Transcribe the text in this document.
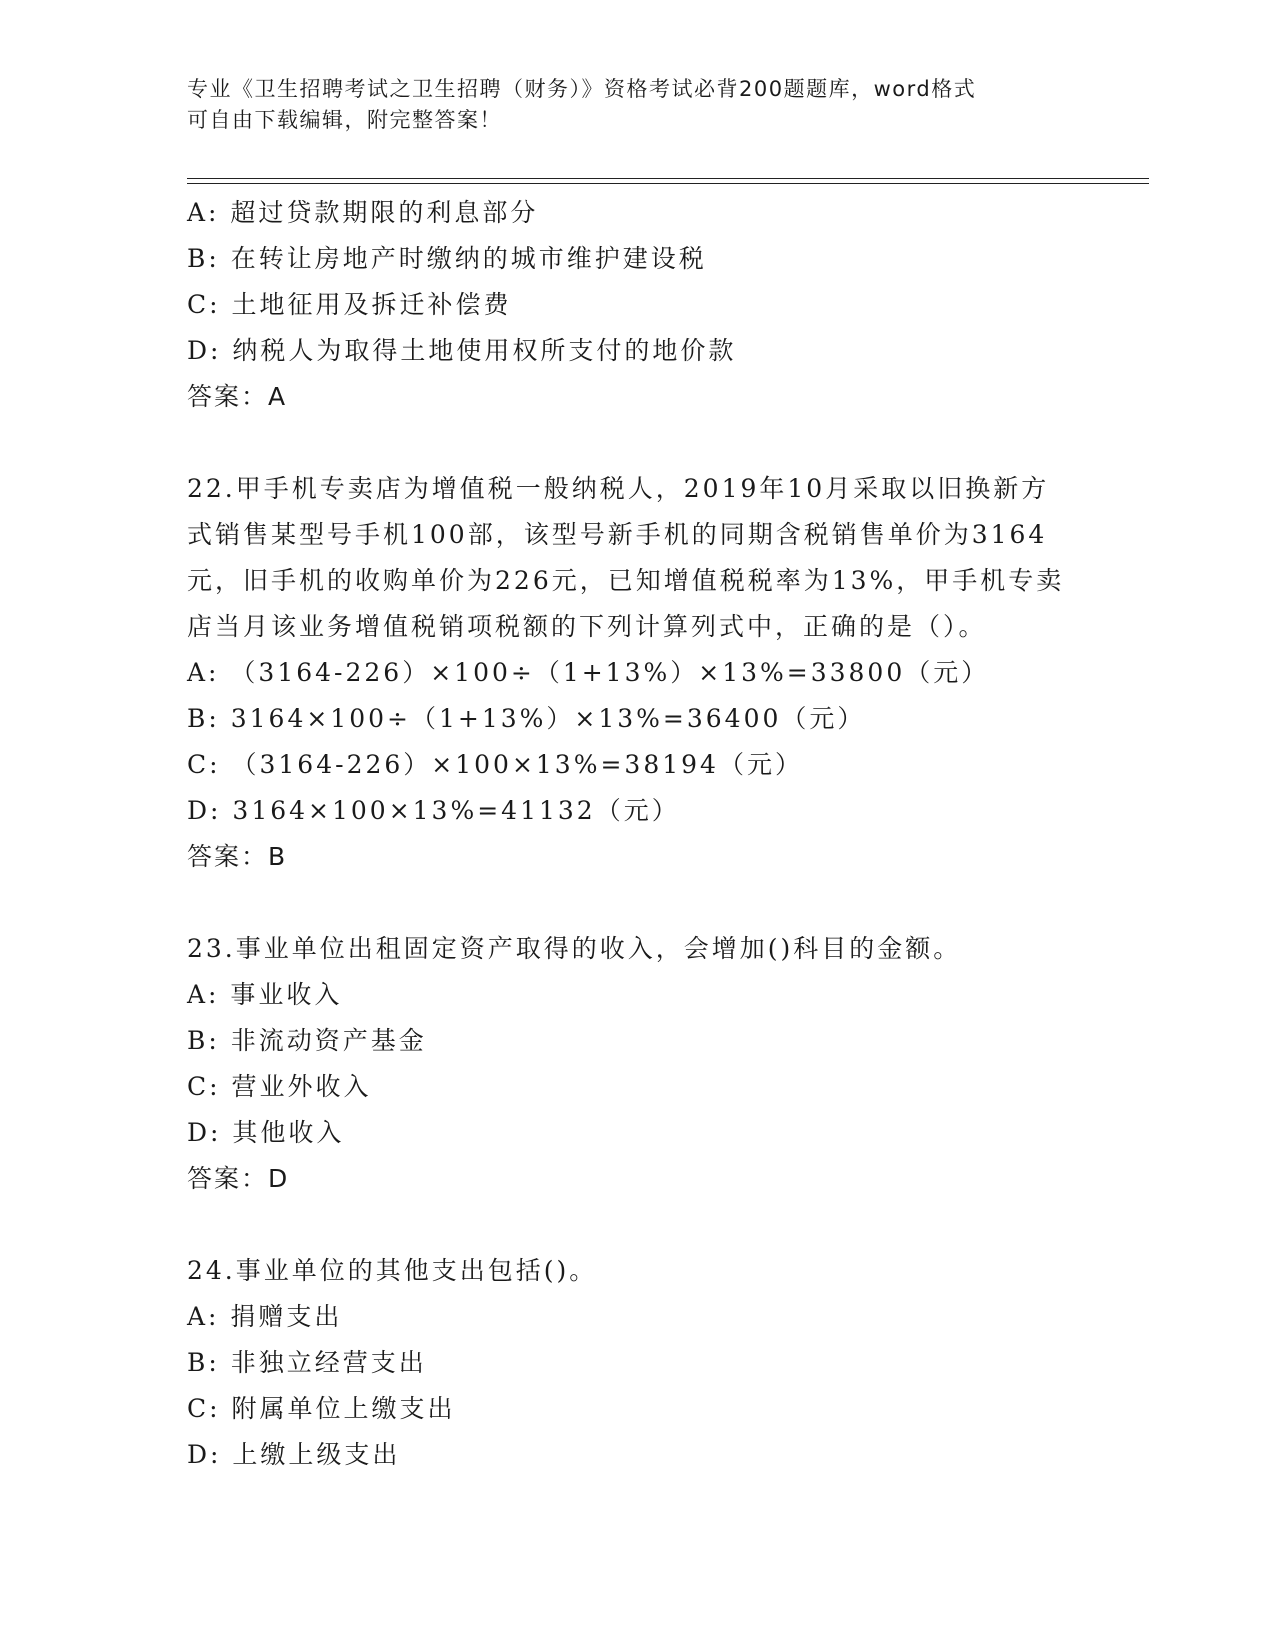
专业《卫生招聘考试之卫生招聘（财务）》资格考试必背200题题库，word格式
可自由下载编辑，附完整答案！
A: 超过贷款期限的利息部分
B: 在转让房地产时缴纳的城市维护建设税
C: 土地征用及拆迁补偿费
D: 纳税人为取得土地使用权所支付的地价款
答案：A
22.甲手机专卖店为增值税一般纳税人，2019年10月采取以旧换新方
式销售某型号手机100部，该型号新手机的同期含税销售单价为3164
元，旧手机的收购单价为226元，已知增值税税率为13%，甲手机专卖
店当月该业务增值税销项税额的下列计算列式中，正确的是（）。
A: （3164-226）×100÷（1+13%）×13%=33800（元）
B: 3164×100÷（1+13%）×13%=36400（元）
C: （3164-226）×100×13%=38194（元）
D: 3164×100×13%=41132（元）
答案：B
23.事业单位出租固定资产取得的收入，会增加()科目的金额。
A: 事业收入
B: 非流动资产基金
C: 营业外收入
D: 其他收入
答案：D
24.事业单位的其他支出包括()。
A: 捐赠支出
B: 非独立经营支出
C: 附属单位上缴支出
D: 上缴上级支出
